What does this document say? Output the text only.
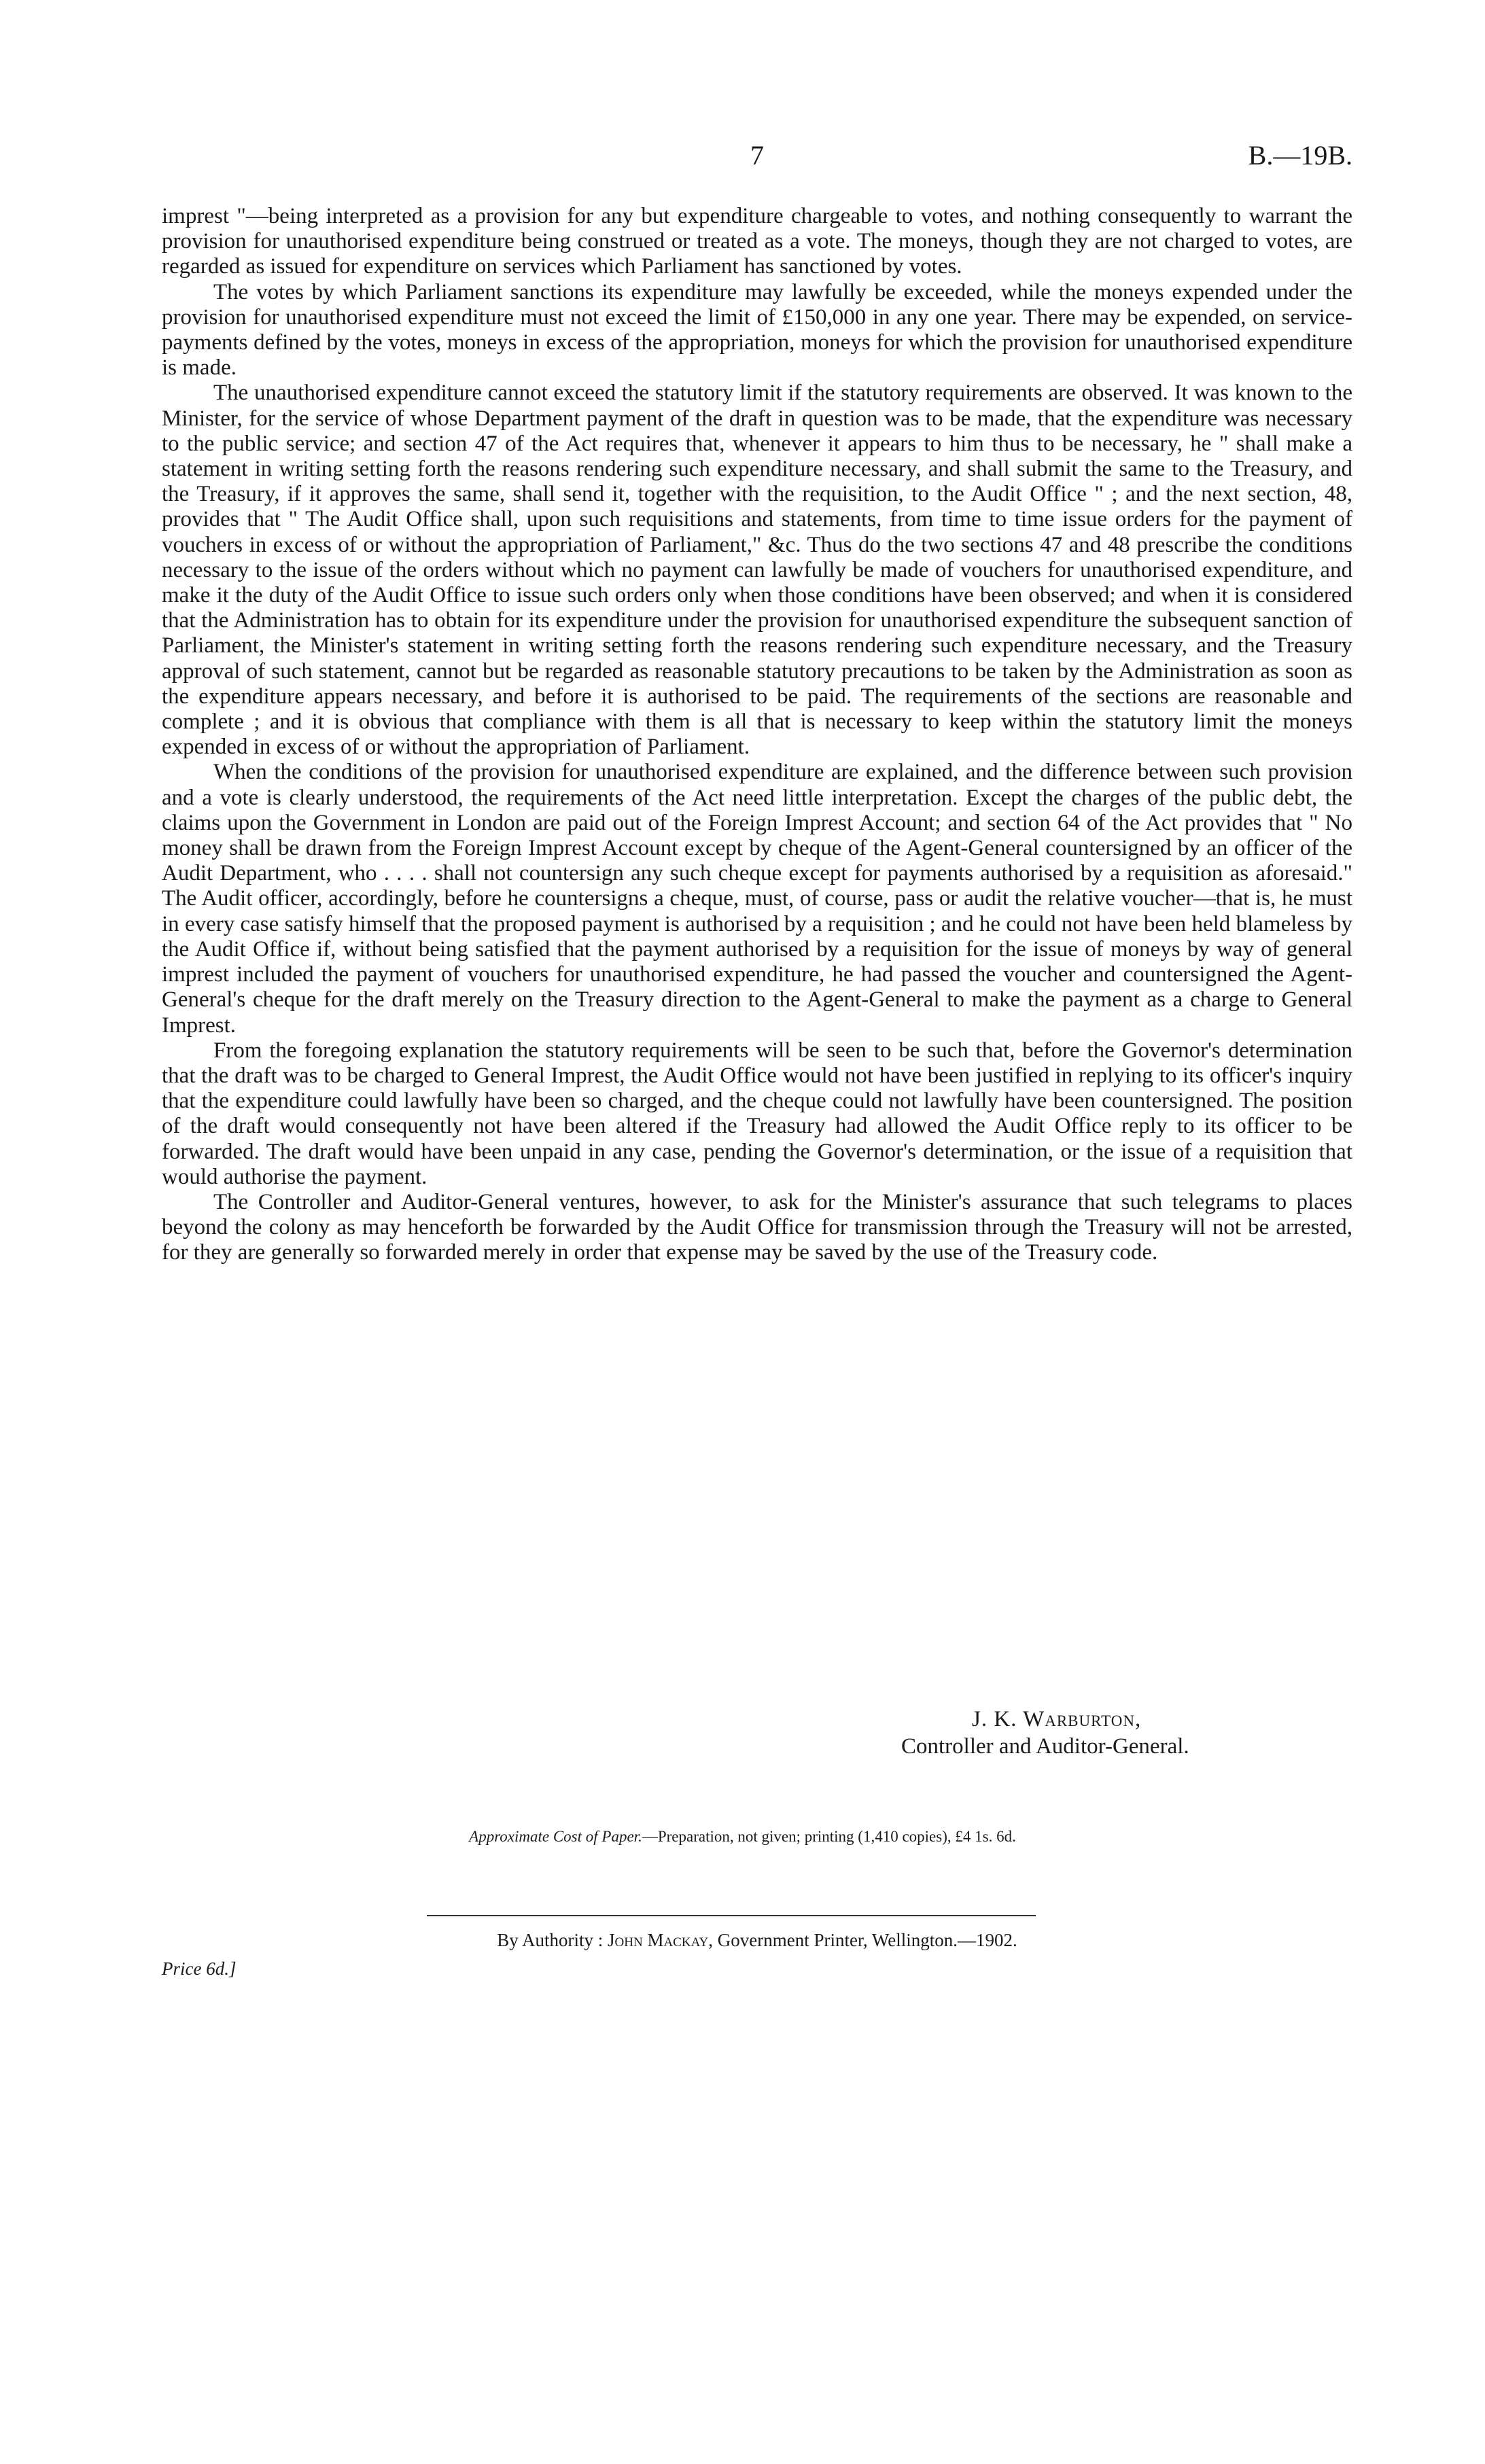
7	B.—19B.

imprest "—being interpreted as a provision for any but expenditure chargeable to votes, and nothing consequently to warrant the provision for unauthorised expenditure being construed or treated as a vote. The moneys, though they are not charged to votes, are regarded as issued for expenditure on services which Parliament has sanctioned by votes.

The votes by which Parliament sanctions its expenditure may lawfully be exceeded, while the moneys expended under the provision for unauthorised expenditure must not exceed the limit of £150,000 in any one year. There may be expended, on service-payments defined by the votes, moneys in excess of the appropriation, moneys for which the provision for unauthorised expenditure is made.

The unauthorised expenditure cannot exceed the statutory limit if the statutory requirements are observed. It was known to the Minister, for the service of whose Department payment of the draft in question was to be made, that the expenditure was necessary to the public service; and section 47 of the Act requires that, whenever it appears to him thus to be necessary, he " shall make a statement in writing setting forth the reasons rendering such expenditure necessary, and shall submit the same to the Treasury, and the Treasury, if it approves the same, shall send it, together with the requisition, to the Audit Office " ; and the next section, 48, provides that " The Audit Office shall, upon such requisitions and statements, from time to time issue orders for the payment of vouchers in excess of or without the appropriation of Parliament," &c. Thus do the two sections 47 and 48 prescribe the conditions necessary to the issue of the orders without which no payment can lawfully be made of vouchers for unauthorised expenditure, and make it the duty of the Audit Office to issue such orders only when those conditions have been observed; and when it is considered that the Administration has to obtain for its expenditure under the provision for unauthorised expenditure the subsequent sanction of Parliament, the Minister's statement in writing setting forth the reasons rendering such expenditure necessary, and the Treasury approval of such statement, cannot but be regarded as reasonable statutory precautions to be taken by the Administration as soon as the expenditure appears necessary, and before it is authorised to be paid. The requirements of the sections are reasonable and complete ; and it is obvious that compliance with them is all that is necessary to keep within the statutory limit the moneys expended in excess of or without the appropriation of Parliament.

When the conditions of the provision for unauthorised expenditure are explained, and the difference between such provision and a vote is clearly understood, the requirements of the Act need little interpretation. Except the charges of the public debt, the claims upon the Government in London are paid out of the Foreign Imprest Account; and section 64 of the Act provides that " No money shall be drawn from the Foreign Imprest Account except by cheque of the Agent-General countersigned by an officer of the Audit Department, who . . . . shall not countersign any such cheque except for payments authorised by a requisition as aforesaid." The Audit officer, accordingly, before he countersigns a cheque, must, of course, pass or audit the relative voucher—that is, he must in every case satisfy himself that the proposed payment is authorised by a requisition ; and he could not have been held blameless by the Audit Office if, without being satisfied that the payment authorised by a requisition for the issue of moneys by way of general imprest included the payment of vouchers for unauthorised expenditure, he had passed the voucher and countersigned the Agent-General's cheque for the draft merely on the Treasury direction to the Agent-General to make the payment as a charge to General Imprest.

From the foregoing explanation the statutory requirements will be seen to be such that, before the Governor's determination that the draft was to be charged to General Imprest, the Audit Office would not have been justified in replying to its officer's inquiry that the expenditure could lawfully have been so charged, and the cheque could not lawfully have been countersigned. The position of the draft would consequently not have been altered if the Treasury had allowed the Audit Office reply to its officer to be forwarded. The draft would have been unpaid in any case, pending the Governor's determination, or the issue of a requisition that would authorise the payment.

The Controller and Auditor-General ventures, however, to ask for the Minister's assurance that such telegrams to places beyond the colony as may henceforth be forwarded by the Audit Office for transmission through the Treasury will not be arrested, for they are generally so forwarded merely in order that expense may be saved by the use of the Treasury code.

J. K. Warburton,
Controller and Auditor-General.
Approximate Cost of Paper.—Preparation, not given; printing (1,410 copies), £4 1s. 6d.
By Authority : John Mackay, Government Printer, Wellington.—1902.
Price 6d.]
